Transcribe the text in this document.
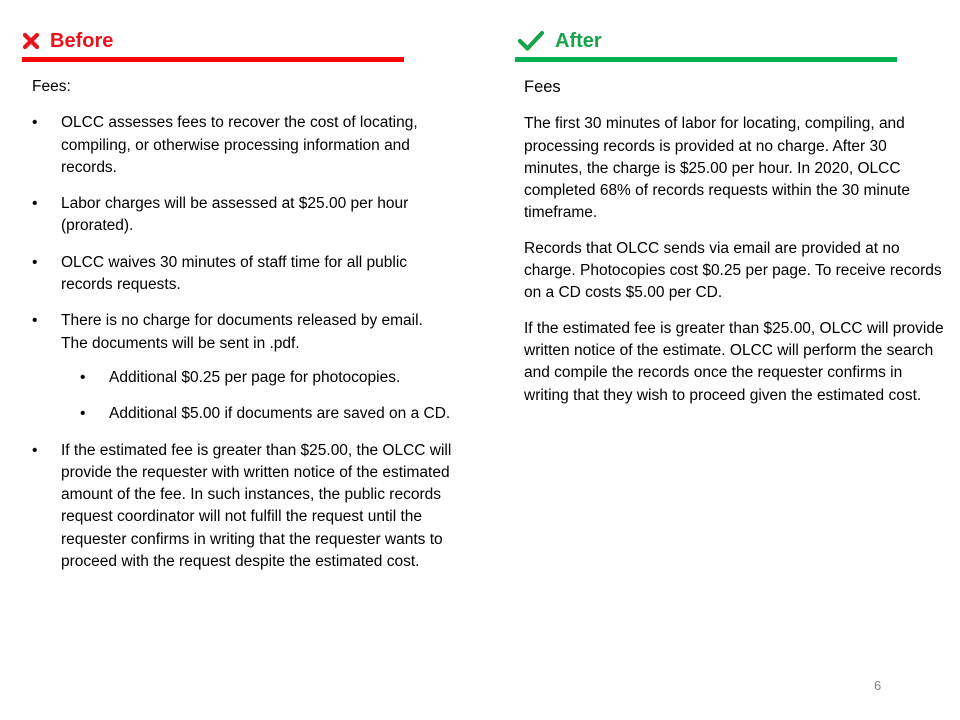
Before

Fees:

• OLCC assesses fees to recover the cost of locating, compiling, or otherwise processing information and records.
• Labor charges will be assessed at $25.00 per hour (prorated).
• OLCC waives 30 minutes of staff time for all public records requests.
• There is no charge for documents released by email. The documents will be sent in .pdf.
• Additional $0.25 per page for photocopies.
• Additional $5.00 if documents are saved on a CD.
• If the estimated fee is greater than $25.00, the OLCC will provide the requester with written notice of the estimated amount of the fee. In such instances, the public records request coordinator will not fulfill the request until the requester confirms in writing that the requester wants to proceed with the request despite the estimated cost.
After

Fees

The first 30 minutes of labor for locating, compiling, and processing records is provided at no charge. After 30 minutes, the charge is $25.00 per hour. In 2020, OLCC completed 68% of records requests within the 30 minute timeframe.

Records that OLCC sends via email are provided at no charge. Photocopies cost $0.25 per page. To receive records on a CD costs $5.00 per CD.

If the estimated fee is greater than $25.00, OLCC will provide written notice of the estimate. OLCC will perform the search and compile the records once the requester confirms in writing that they wish to proceed given the estimated cost.

6
